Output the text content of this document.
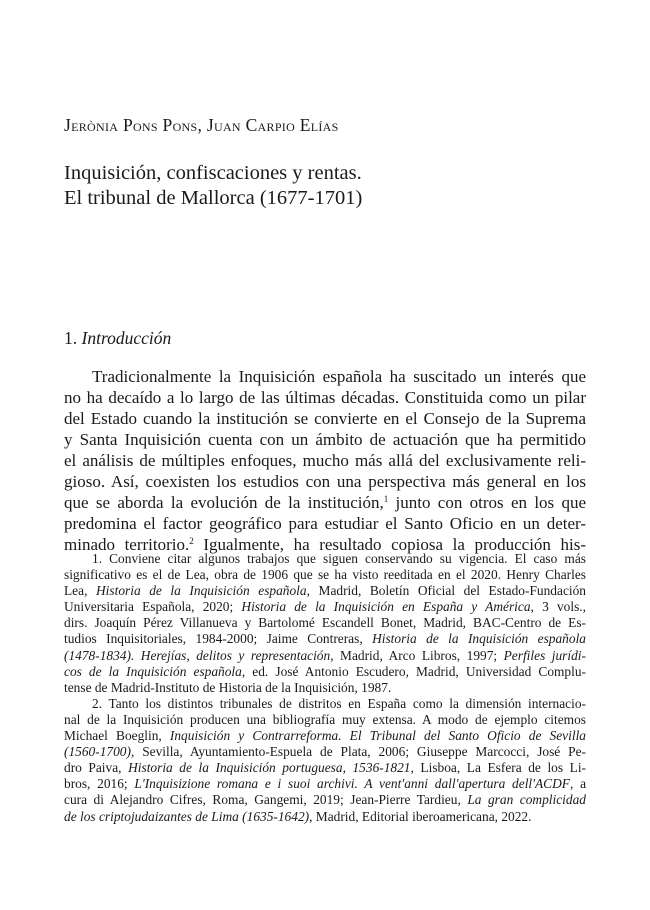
Jerònia Pons Pons, Juan Carpio Elías
Inquisición, confiscaciones y rentas.
El tribunal de Mallorca (1677-1701)
1. Introducción
Tradicionalmente la Inquisición española ha suscitado un interés que
no ha decaído a lo largo de las últimas décadas. Constituida como un pilar
del Estado cuando la institución se convierte en el Consejo de la Suprema
y Santa Inquisición cuenta con un ámbito de actuación que ha permitido
el análisis de múltiples enfoques, mucho más allá del exclusivamente reli-
gioso. Así, coexisten los estudios con una perspectiva más general en los
que se aborda la evolución de la institución,$^1$ junto con otros en los que
predomina el factor geográfico para estudiar el Santo Oficio en un deter-
minado territorio.$^2$ Igualmente, ha resultado copiosa la producción his-
1. Conviene citar algunos trabajos que siguen conservando su vigencia. El caso más
significativo es el de Lea, obra de 1906 que se ha visto reeditada en el 2020. Henry Charles
Lea, Historia de la Inquisición española, Madrid, Boletín Oficial del Estado-Fundación
Universitaria Española, 2020; Historia de la Inquisición en España y América, 3 vols.,
dirs. Joaquín Pérez Villanueva y Bartolomé Escandell Bonet, Madrid, BAC-Centro de Es-
tudios Inquisitoriales, 1984-2000; Jaime Contreras, Historia de la Inquisición española
(1478-1834). Herejías, delitos y representación, Madrid, Arco Libros, 1997; Perfiles jurídi-
cos de la Inquisición española, ed. José Antonio Escudero, Madrid, Universidad Complu-
tense de Madrid-Instituto de Historia de la Inquisición, 1987.
2. Tanto los distintos tribunales de distritos en España como la dimensión internacio-
nal de la Inquisición producen una bibliografía muy extensa. A modo de ejemplo citemos
Michael Boeglin, Inquisición y Contrarreforma. El Tribunal del Santo Oficio de Sevilla
(1560-1700), Sevilla, Ayuntamiento-Espuela de Plata, 2006; Giuseppe Marcocci, José Pe-
dro Paiva, Historia de la Inquisición portuguesa, 1536-1821, Lisboa, La Esfera de los Li-
bros, 2016; L'Inquisizione romana e i suoi archivi. A vent'anni dall'apertura dell'ACDF, a
cura di Alejandro Cifres, Roma, Gangemi, 2019; Jean-Pierre Tardieu, La gran complicidad
de los criptojudaizantes de Lima (1635-1642), Madrid, Editorial iberoamericana, 2022.
